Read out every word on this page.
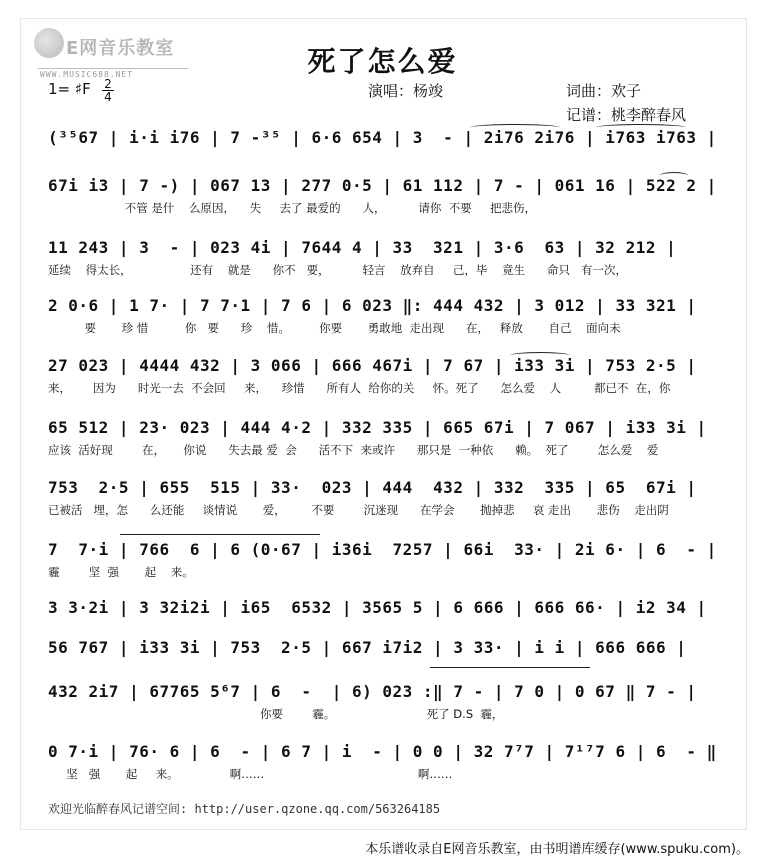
E网音乐教室
WWW.MUSIC688.NET	死了怎么爱
1= ♯F $\frac{2}{4}$	演唱：杨竣	词曲：欢子
记谱：桃李醉春风
(³⁵67 | i·i i76 | 7 -³⁵ | 6·6 654 | 3  - | 2i76 2i76 | i763 i763 |
67i i3 | 7 -) | 067 13 | 277 0·5 | 61 112 | 7 - | 061 16 | 522 2 |
不管 是什    么原因，    失     去了 最爱的      人，         请你  不要     把悲伤，
11 243 | 3  - | 023 4i | 7644 4 | 33  321 | 3·6  63 | 32 212 |
延续    得太长，                还有    就是      你不   要，         轻言    放弃自     己，毕    竟生      命只   有一次，
2 0·6 | 1 7· | 7 7·1 | 7 6 | 6 023 ‖: 444 432 | 3 012 | 33 321 |
要       珍 惜          你   要      珍    惜。        你要       勇敢地  走出现      在，   释放       自己    面向未
27 023 | 4444 432 | 3 066 | 666 467i | 7 67 | i33 3i | 753 2·5 |
来，      因为      时光一去  不会回     来，    珍惜      所有人  给你的关     怀。死了      怎么爱    人         都已不  在，你
65 512 | 23· 023 | 444 4·2 | 332 335 | 665 67i | 7 067 | i33 3i |
应该  活好现        在，     你说      失去最 爱  会      活不下  来或许      那只是  一种依      赖。  死了        怎么爱    爱
753  2·5 | 655  515 | 33·  023 | 444  432 | 332  335 | 65  67i |
已被活   埋，怎      么还能     谈情说       爱，       不要        沉迷现      在学会       抛掉悲     哀 走出       悲伤    走出阴
7  7·i | 766  6 | 6 (0·67 | i36i  7257 | 66i  33· | 2i 6· | 6  - |
霾        坚  强       起    来。
3 3·2i | 3 32i2i | i65  6532 | 3565 5 | 6 666 | 666 66· | i2 34 |
56 767 | i33 3i | 753  2·5 | 667 i7i2 | 3 33· | i i | 666 666 |
432 2i7 | 67765 5⁶7 | 6  -  | 6) 023 :‖ 7 - | 7 0 | 0 67 ‖ 7 - |
你要        霾。                         死了 D.S  霾，
0 7·i | 76· 6 | 6  - | 6 7 | i  - | 0 0 | 32 7⁷7 | 7¹⁷7 6 | 6  - ‖
坚   强       起     来。              啊……                                          啊……
欢迎光临醉春风记谱空间: http://user.qzone.qq.com/563264185
本乐谱收录自E网音乐教室，由书明谱库缓存(www.spuku.com)。
